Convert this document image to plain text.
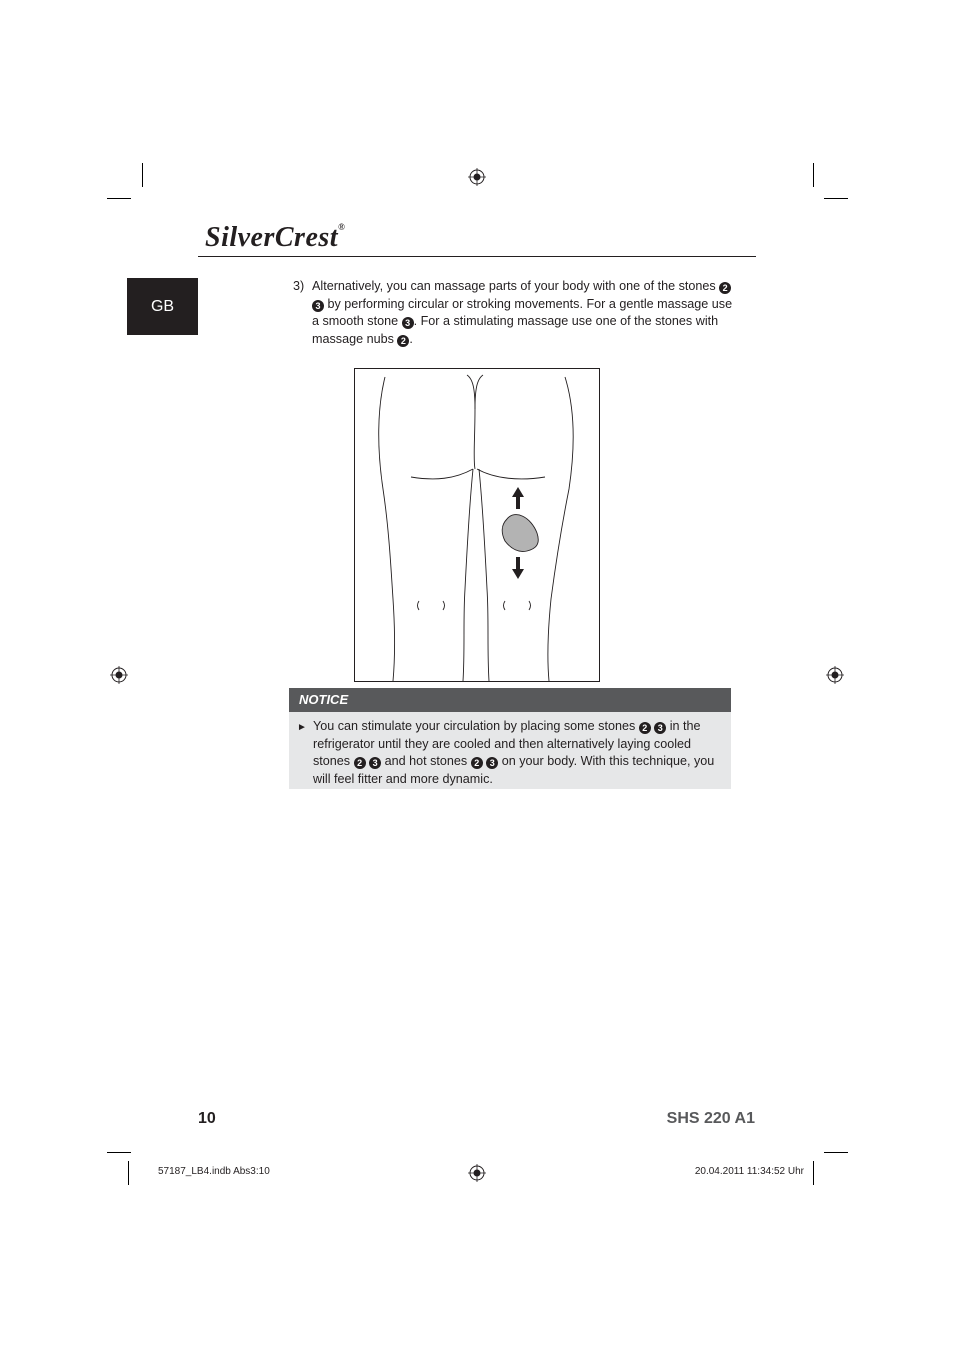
SilverCrest®
GB
3) Alternatively, you can massage parts of your body with one of the stones 2 3 by performing circular or stroking movements. For a gentle massage use a smooth stone 3 . For a stimulating massage use one of the stones with massage nubs 2 .
NOTICE
► You can stimulate your circulation by placing some stones 2 3 in the refrigerator until they are cooled and then alternatively laying cooled stones 2 3 and hot stones 2 3 on your body. With this technique, you will feel fitter and more dynamic.
10	SHS 220 A1
57187_LB4.indb Abs3:10	20.04.2011 11:34:52 Uhr
